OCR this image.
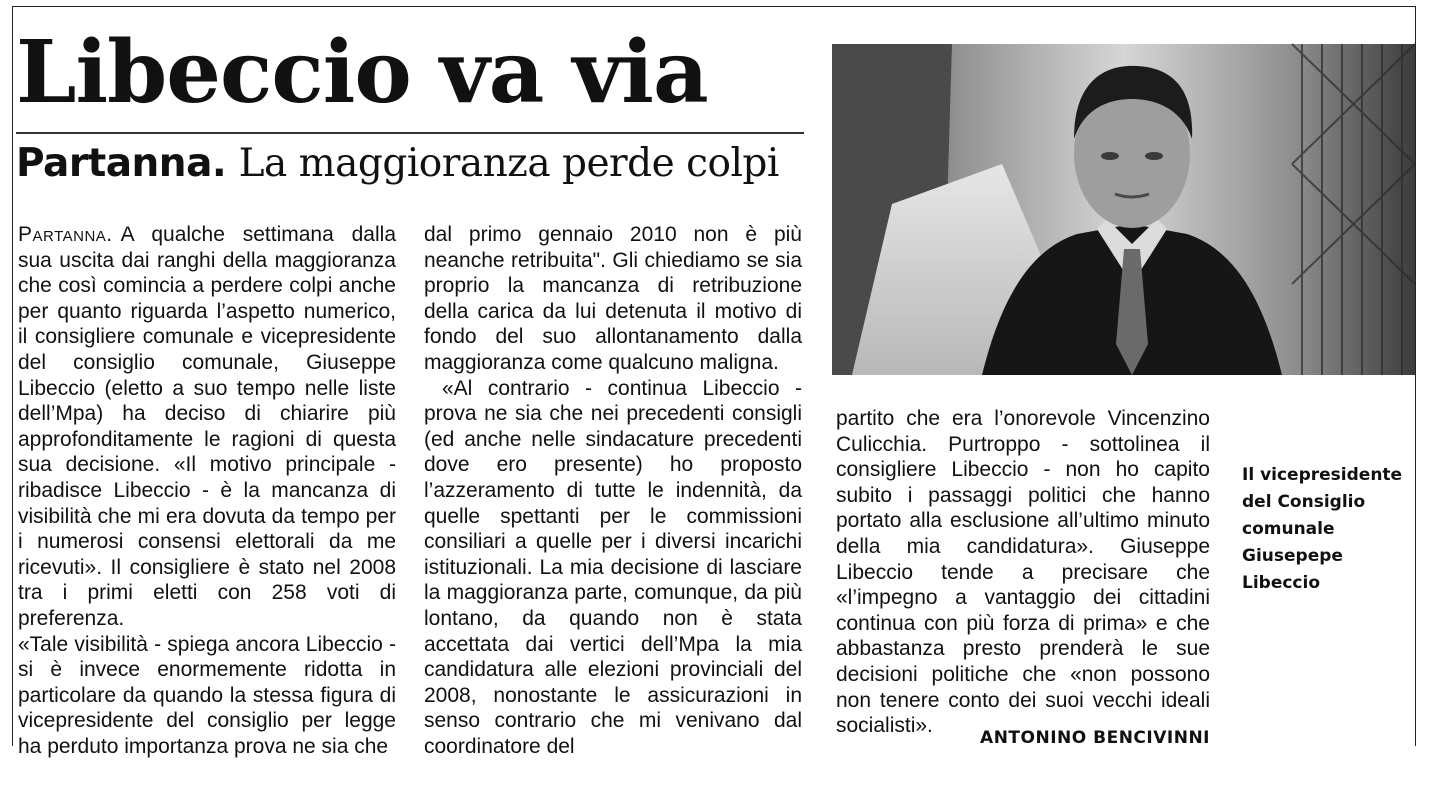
Libeccio va via
Partanna. La maggioranza perde colpi

Partanna. A qualche settimana dalla sua uscita dai ranghi della maggioranza che così comincia a perdere colpi anche per quanto riguarda l’aspetto numerico, il consigliere comunale e vicepresidente del consiglio comunale, Giuseppe Libeccio (eletto a suo tempo nelle liste dell’Mpa) ha deciso di chiarire più approfonditamente le ragioni di questa sua decisione. «Il motivo principale - ribadisce Libeccio - è la mancanza di visibilità che mi era dovuta da tempo per i numerosi consensi elettorali da me ricevuti». Il consigliere è stato nel 2008 tra i primi eletti con 258 voti di preferenza.

«Tale visibilità - spiega ancora Libeccio - si è invece enormemente ridotta in particolare da quando la stessa figura di vicepresidente del consiglio per legge ha perduto importanza prova ne sia che

dal primo gennaio 2010 non è più neanche retribuita". Gli chiediamo se sia proprio la mancanza di retribuzione della carica da lui detenuta il motivo di fondo del suo allontanamento dalla maggioranza come qualcuno maligna.

«Al contrario - continua Libeccio - prova ne sia che nei precedenti consigli (ed anche nelle sindacature precedenti dove ero presente) ho proposto l’azzeramento di tutte le indennità, da quelle spettanti per le commissioni consiliari a quelle per i diversi incarichi istituzionali. La mia decisione di lasciare la maggioranza parte, comunque, da più lontano, da quando non è stata accettata dai vertici dell’Mpa la mia candidatura alle elezioni provinciali del 2008, nonostante le assicurazioni in senso contrario che mi venivano dal coordinatore del

partito che era l’onorevole Vincenzino Culicchia. Purtroppo - sottolinea il consigliere Libeccio - non ho capito subito i passaggi politici che hanno portato alla esclusione all’ultimo minuto della mia candidatura». Giuseppe Libeccio tende a precisare che «l’impegno a vantaggio dei cittadini continua con più forza di prima» e che abbastanza presto prenderà le sue decisioni politiche che «non possono non tenere conto dei suoi vecchi ideali socialisti».

ANTONINO BENCIVINNI
Il vicepresidente
del Consiglio
comunale
Giusepepe
Libeccio
